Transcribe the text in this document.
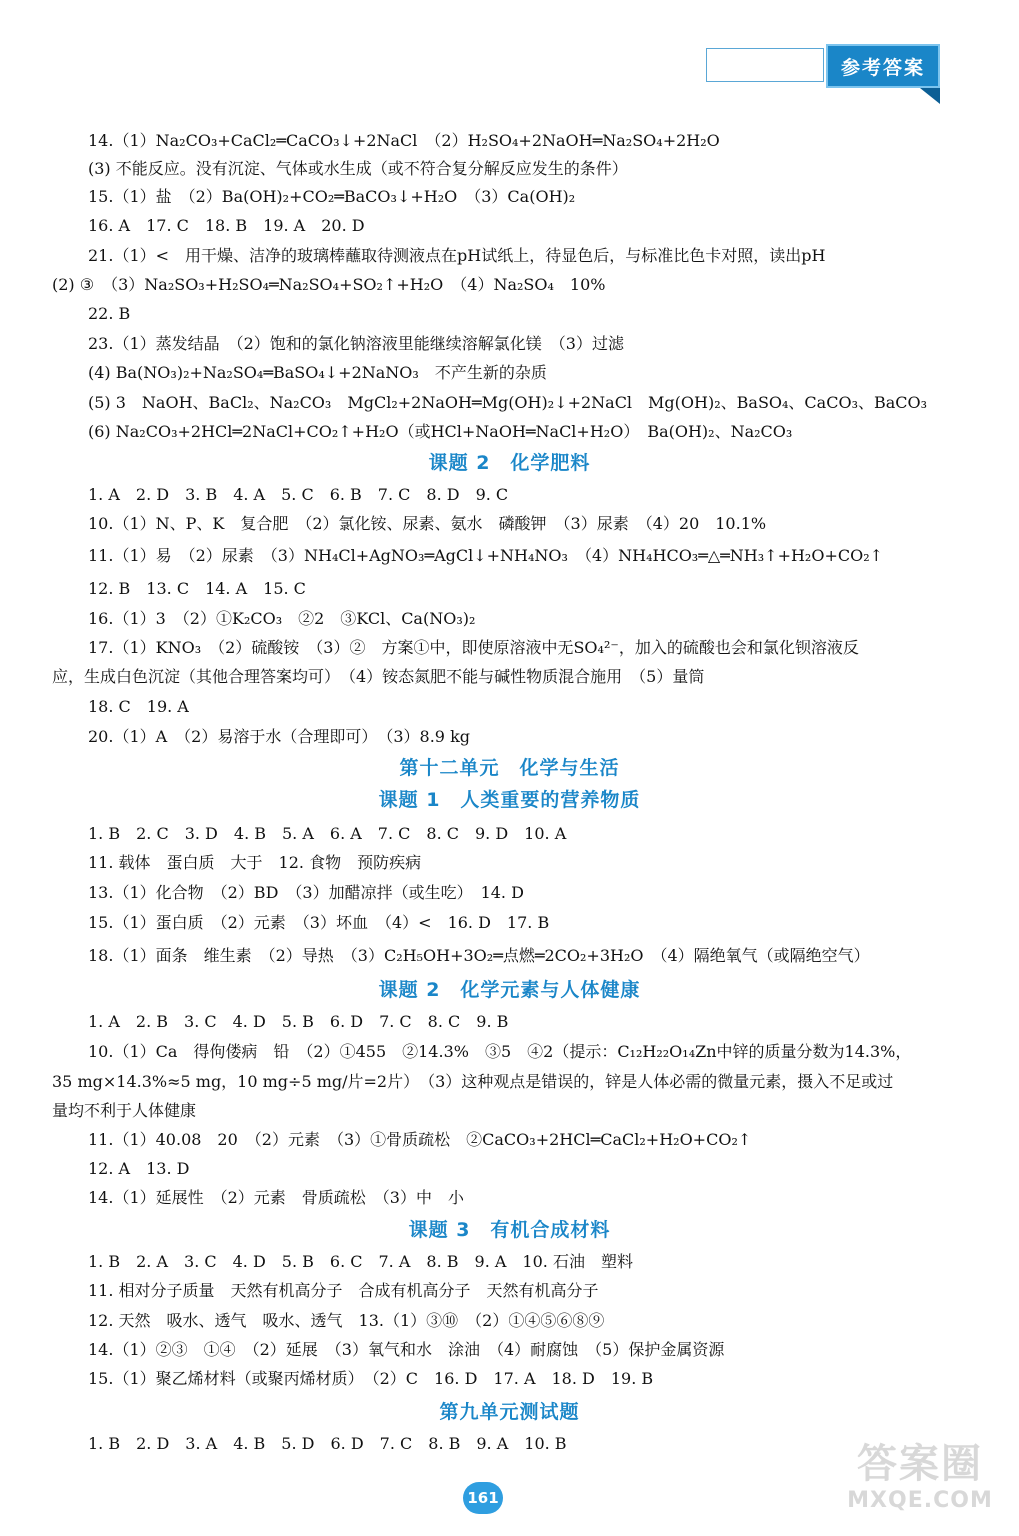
参考答案
14.（1）Na₂CO₃+CaCl₂═CaCO₃↓+2NaCl　（2）H₂SO₄+2NaOH═Na₂SO₄+2H₂O
(3) 不能反应。没有沉淀、气体或水生成（或不符合复分解反应发生的条件）
15.（1）盐　（2）Ba(OH)₂+CO₂═BaCO₃↓+H₂O　（3）Ca(OH)₂
16. A　17. C　18. B　19. A　20. D
21.（1）<　用干燥、洁净的玻璃棒蘸取待测液点在pH试纸上，待显色后，与标准比色卡对照，读出pH
(2) ③　（3）Na₂SO₃+H₂SO₄═Na₂SO₄+SO₂↑+H₂O　（4）Na₂SO₄　10%
22. B
23.（1）蒸发结晶　（2）饱和的氯化钠溶液里能继续溶解氯化镁　（3）过滤
(4) Ba(NO₃)₂+Na₂SO₄═BaSO₄↓+2NaNO₃　不产生新的杂质
(5) 3　NaOH、BaCl₂、Na₂CO₃　MgCl₂+2NaOH═Mg(OH)₂↓+2NaCl　Mg(OH)₂、BaSO₄、CaCO₃、BaCO₃
(6) Na₂CO₃+2HCl═2NaCl+CO₂↑+H₂O（或HCl+NaOH═NaCl+H₂O）　Ba(OH)₂、Na₂CO₃
1. A　2. D　3. B　4. A　5. C　6. B　7. C　8. D　9. C
10.（1）N、P、K　复合肥　（2）氯化铵、尿素、氨水　磷酸钾　（3）尿素　（4）20　10.1%
11.（1）易　（2）尿素　（3）NH₄Cl+AgNO₃═AgCl↓+NH₄NO₃　（4）NH₄HCO₃═△═NH₃↑+H₂O+CO₂↑
12. B　13. C　14. A　15. C
16.（1）3　（2）①K₂CO₃　②2　③KCl、Ca(NO₃)₂
17.（1）KNO₃　（2）硫酸铵　（3）②　方案①中，即使原溶液中无SO₄²⁻，加入的硫酸也会和氯化钡溶液反
应，生成白色沉淀（其他合理答案均可）　（4）铵态氮肥不能与碱性物质混合施用　（5）量筒
18. C　19. A
20.（1）A　（2）易溶于水（合理即可）　（3）8.9 kg
1. B　2. C　3. D　4. B　5. A　6. A　7. C　8. C　9. D　10. A
11. 载体　蛋白质　大于　12. 食物　预防疾病
13.（1）化合物　（2）BD　（3）加醋凉拌（或生吃）　14. D
15.（1）蛋白质　（2）元素　（3）坏血　（4）<　16. D　17. B
18.（1）面条　维生素　（2）导热　（3）C₂H₅OH+3O₂═点燃═2CO₂+3H₂O　（4）隔绝氧气（或隔绝空气）
1. A　2. B　3. C　4. D　5. B　6. D　7. C　8. C　9. B
10.（1）Ca　得佝偻病　铅　（2）①455　②14.3%　③5　④2（提示：C₁₂H₂₂O₁₄Zn中锌的质量分数为14.3%，
35 mg×14.3%≈5 mg，10 mg÷5 mg/片=2片）　（3）这种观点是错误的，锌是人体必需的微量元素，摄入不足或过
量均不利于人体健康
11.（1）40.08　20　（2）元素　（3）①骨质疏松　②CaCO₃+2HCl═CaCl₂+H₂O+CO₂↑
12. A　13. D
14.（1）延展性　（2）元素　骨质疏松　（3）中　小
1. B　2. A　3. C　4. D　5. B　6. C　7. A　8. B　9. A　10. 石油　塑料
11. 相对分子质量　天然有机高分子　合成有机高分子　天然有机高分子
12. 天然　吸水、透气　吸水、透气　13.（1）③⑩　（2）①④⑤⑥⑧⑨
14.（1）②③　①④　（2）延展　（3）氧气和水　涂油　（4）耐腐蚀　（5）保护金属资源
15.（1）聚乙烯材料（或聚丙烯材质）　（2）C　16. D　17. A　18. D　19. B
1. B　2. D　3. A　4. B　5. D　6. D　7. C　8. B　9. A　10. B
课题 2　化学肥料
第十二单元　化学与生活
课题 1　人类重要的营养物质
课题 2　化学元素与人体健康
课题 3　有机合成材料
第九单元测试题
161
答案圈
MXQE.COM
